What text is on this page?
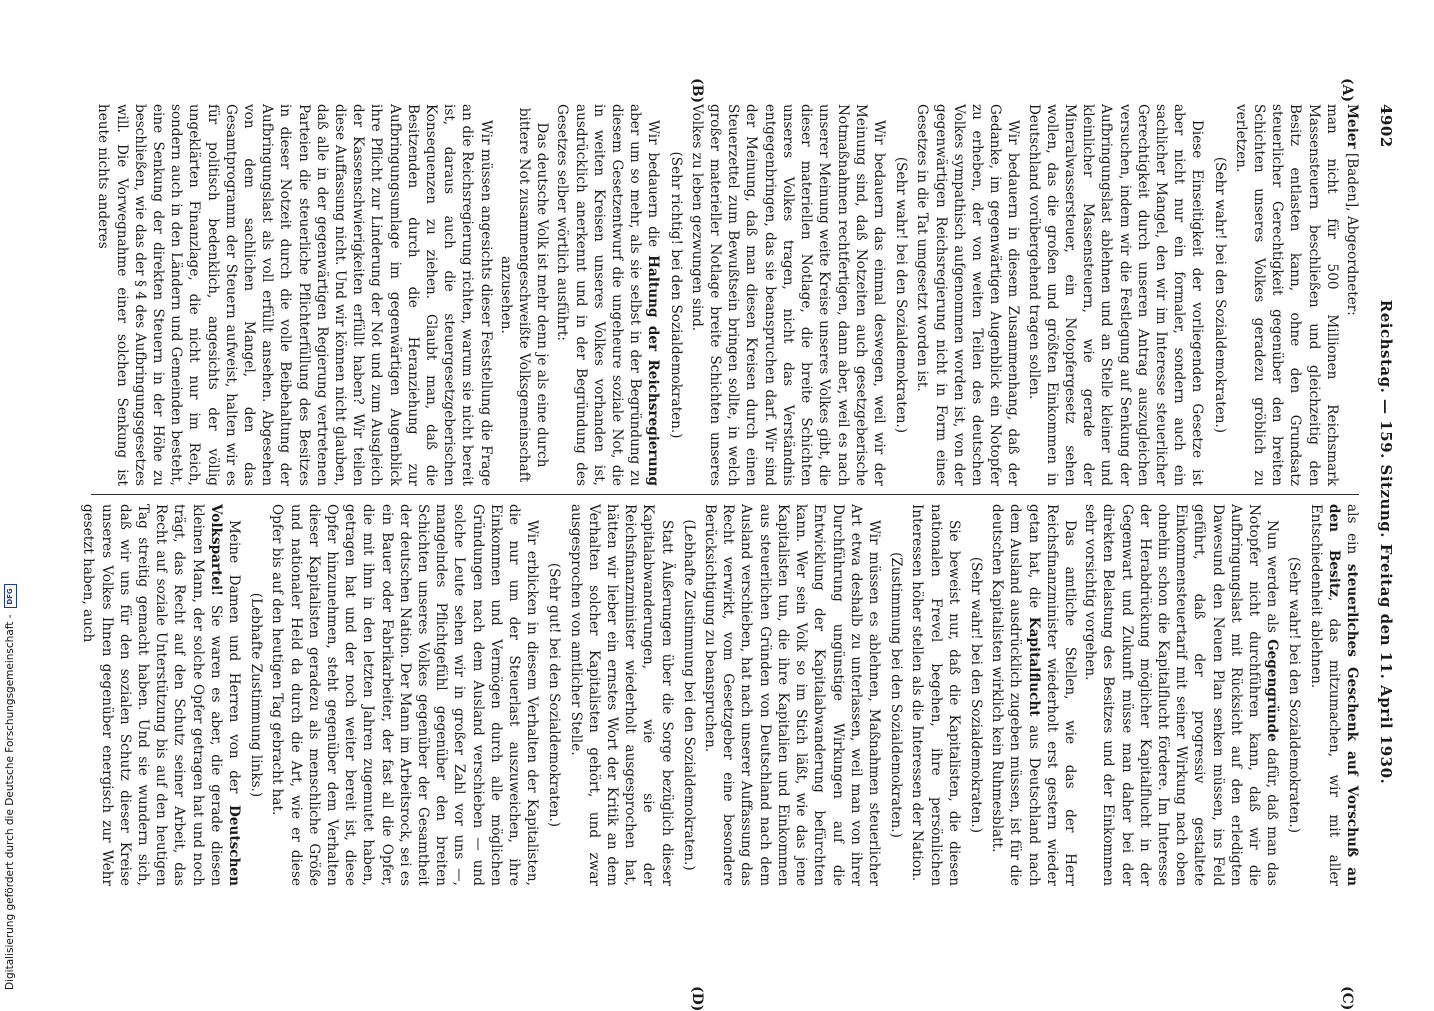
4902
Reichstag. — 159. Sitzung. Freitag den 11. April 1930.
(A)
(B)
(C)
(D)

Meier [Baden], Abgeordneter:

man nicht für 500 Millionen Reichsmark Massensteuern beschließen und gleichzeitig den Besitz entlasten kann, ohne den Grundsatz steuerlicher Gerechtigkeit gegenüber den breiten Schichten unseres Volkes geradezu gröblich zu verletzen.

(Sehr wahr! bei den Sozialdemokraten.)

Diese Einseitigkeit der vorliegenden Gesetze ist aber nicht nur ein formaler, sondern auch ein sachlicher Mangel, den wir im Interesse steuerlicher Gerechtigkeit durch unseren Antrag auszugleichen versuchen, indem wir die Festlegung auf Senkung der Aufbringungslast ablehnen und an Stelle kleiner und kleinlicher Massensteuern, wie gerade der Mineralwassersteuer, ein Notopfergesetz sehen wollen, das die großen und größten Einkommen in Deutschland vorübergehend tragen sollen.

Wir bedauern in diesem Zusammenhang, daß der Gedanke, im gegenwärtigen Augenblick ein Notopfer zu erheben, der von weiten Teilen des deutschen Volkes sympathisch aufgenommen worden ist, von der gegenwärtigen Reichsregierung nicht in Form eines Gesetzes in die Tat umgesetzt worden ist.

(Sehr wahr! bei den Sozialdemokraten.)

Wir bedauern das einmal deswegen, weil wir der Meinung sind, daß Notzeiten auch gesetzgeberische Notmaßnahmen rechtfertigen, dann aber, weil es nach unserer Meinung weite Kreise unseres Volkes gibt, die dieser materiellen Notlage, die breite Schichten unseres Volkes tragen, nicht das Verständnis entgegenbringen, das sie beanspruchen darf. Wir sind der Meinung, daß man diesen Kreisen durch einen Steuerzettel zum Bewußtsein bringen sollte, in welch großer materieller Notlage breite Schichten unseres Volkes zu leben gezwungen sind.

(Sehr richtig! bei den Sozialdemokraten.)

Wir bedauern die Haltung der Reichsregierung aber um so mehr, als sie selbst in der Begründung zu diesem Gesetzentwurf die ungeheure soziale Not, die in weiten Kreisen unseres Volkes vorhanden ist, ausdrücklich anerkennt und in der Begründung des Gesetzes selber wörtlich ausführt:

Das deutsche Volk ist mehr denn je als eine durch bittere Not zusammengeschweißte Volksgemeinschaft anzusehen.

Wir müssen angesichts dieser Feststellung die Frage an die Reichsregierung richten, warum sie nicht bereit ist, daraus auch die steuergesetzgeberischen Konsequenzen zu ziehen. Glaubt man, daß die Besitzenden durch die Heranziehung zur Aufbringungsumlage im gegenwärtigen Augenblick ihre Pflicht zur Linderung der Not und zum Ausgleich der Kassenschwierigkeiten erfüllt haben? Wir teilen diese Auffassung nicht. Und wir können nicht glauben, daß alle in der gegenwärtigen Regierung vertretenen Parteien die steuerliche Pflichterfüllung des Besitzes in dieser Notzeit durch die volle Beibehaltung der Aufbringungslast als voll erfüllt ansehen. Abgesehen von dem sachlichen Mangel, den das Gesamtprogramm der Steuern aufweist, halten wir es für politisch bedenklich, angesichts der völlig ungeklärten Finanzlage, die nicht nur im Reich, sondern auch in den Ländern und Gemeinden besteht, eine Senkung der direkten Steuern in der Höhe zu beschließen, wie das der § 4 des Aufbringungsgesetzes will. Die Vorwegnahme einer solchen Senkung ist heute nichts anderes

als ein steuerliches Geschenk auf Vorschuß an den Besitz, das mitzumachen, wir mit aller Entschiedenheit ablehnen.

(Sehr wahr! bei den Sozialdemokraten.)

Nun werden als Gegengründe dafür, daß man das Notopfer nicht durchführen kann, daß wir die Aufbringungslast mit Rücksicht auf den erledigten Dawesund den Neuen Plan senken müssen, ins Feld geführt, daß der progressiv gestaltete Einkommensteuertarif mit seiner Wirkung nach oben ohnehin schon die Kapitalflucht fördere. Im Interesse der Herabdrückung möglicher Kapitalflucht in der Gegenwart und Zukunft müsse man daher bei der direkten Belastung des Besitzes und der Einkommen sehr vorsichtig vorgehen.

Das amtliche Stellen, wie das der Herr Reichsfinanzminister wiederholt erst gestern wieder getan hat, die Kapitalflucht aus Deutschland nach dem Ausland ausdrücklich zugeben müssen, ist für die deutschen Kapitalisten wirklich kein Ruhmesblatt.

(Sehr wahr! bei den Sozialdemokraten.)

Sie beweist nur, daß die Kapitalisten, die diesen nationalen Frevel begehen, ihre persönlichen Interessen höher stellen als die Interessen der Nation.

(Zustimmung bei den Sozialdemokraten.)

Wir müssen es ablehnen, Maßnahmen steuerlicher Art etwa deshalb zu unterlassen, weil man von ihrer Durchführung ungünstige Wirkungen auf die Entwicklung der Kapitalabwanderung befürchten kann. Wer sein Volk so im Stich läßt, wie das jene Kapitalisten tun, die ihre Kapitalien und Einkommen aus steuerlichen Gründen von Deutschland nach dem Ausland verschieben, hat nach unserer Auffassung das Recht verwirkt, vom Gesetzgeber eine besondere Berücksichtigung zu beanspruchen.

(Lebhafte Zustimmung bei den Sozialdemokraten.)

Statt Äußerungen über die Sorge bezüglich dieser Kapitalabwanderungen, wie sie der Reichsfinanzminister wiederholt ausgesprochen hat, hätten wir lieber ein ernstes Wort der Kritik an dem Verhalten solcher Kapitalisten gehört, und zwar ausgesprochen von amtlicher Stelle.

(Sehr gut! bei den Sozialdemokraten.)

Wir erblicken in diesem Verhalten der Kapitalisten, die nur um der Steuerlast auszuweichen, ihre Einkommen und Vermögen durch alle möglichen Gründungen nach dem Ausland verschieben — und solche Leute sehen wir in großer Zahl vor uns —, mangelndes Pflichtgefühl gegenüber den breiten Schichten unseres Volkes gegenüber der Gesamtheit der deutschen Nation. Der Mann im Arbeitsrock, sei es ein Bauer oder Fabrikarbeiter, der fast all die Opfer, die mit ihm in den letzten Jahren zugemutet haben, getragen hat und der noch weiter bereit ist, diese Opfer hinzunehmen, steht gegenüber dem Verhalten dieser Kapitalisten geradezu als menschliche Größe und nationaler Held da durch die Art, wie er diese Opfer bis auf den heutigen Tag gebracht hat.

(Lebhafte Zustimmung links.)

Meine Damen und Herren von der Deutschen Volkspartei! Sie waren es aber, die gerade diesen kleinen Mann, der solche Opfer getragen hat und noch trägt, das Recht auf den Schutz seiner Arbeit, das Recht auf soziale Unterstützung bis auf den heutigen Tag streitig gemacht haben. Und sie wundern sich, daß wir uns für den sozialen Schutz dieser Kreise unseres Volkes Ihnen gegenüber energisch zur Wehr gesetzt haben, auch

Digitalisierung gefördert durch die Deutsche Forschungsgemeinschaft -
DFG
